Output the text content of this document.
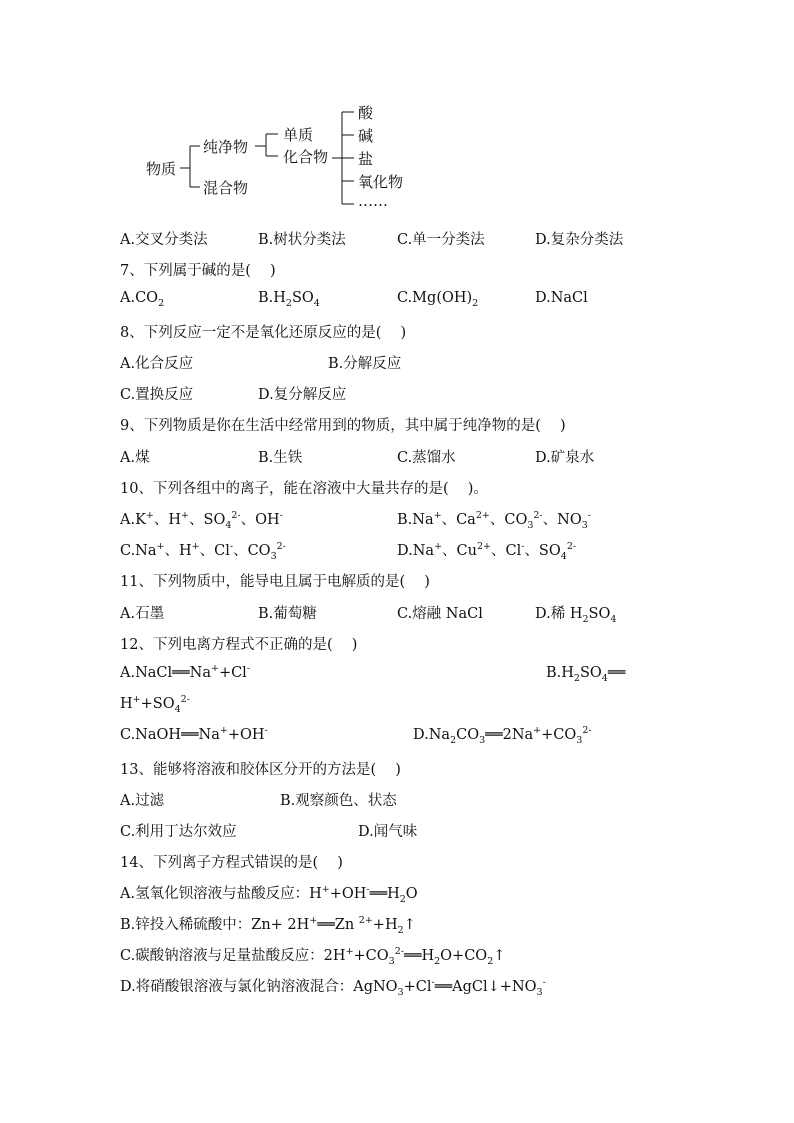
物质
纯净物
混合物
单质
化合物
酸
碱
盐
氧化物
……
A.交叉分类法	B.树状分类法	C.单一分类法	D.复杂分类法
7、下列属于碱的是(　 )
$A.CO_2$	$B.H_2SO_4$	$C.Mg(OH)_2$	D.NaCl
8、下列反应一定不是氧化还原反应的是(　 )
A.化合反应	B.分解反应
C.置换反应	D.复分解反应
9、下列物质是你在生活中经常用到的物质，其中属于纯净物的是(　 )
A.煤	B.生铁	C.蒸馏水	D.矿泉水
10、下列各组中的离子，能在溶液中大量共存的是(　 )。
A.K+、H+、$SO_4^{2-}$、OH-	B.Na+、$Ca^{2+}$、$CO_3^{2-}$、$NO_3^-$
C.Na+、H+、Cl-、$CO_3^{2-}$	D.Na+、$Cu^{2+}$、Cl-、$SO_4^{2-}$
11、下列物质中，能导电且属于电解质的是(　 )
A.石墨	B.葡萄糖	C.熔融 NaCl	D.稀 $H_2SO_4$
12、下列电离方程式不正确的是(　 )
A.NaCl══Na++Cl-	$B.H_2SO_4══$
$H^++SO_4^{2-}$
C.NaOH══Na++OH-	$D.Na_2CO_3══2Na^++CO_3^{2-}$
13、能够将溶液和胶体区分开的方法是(　 )
A.过滤	B.观察颜色、状态
C.利用丁达尔效应	D.闻气味
14、下列离子方程式错误的是(　 )
A.氢氧化钡溶液与盐酸反应：$H^++OH^-══H_2O$
B.锌投入稀硫酸中：Zn+ 2H+══Zn $^{2+}+H_2↑$
C.碳酸钠溶液与足量盐酸反应：$2H^++CO_3^{2-}══H_2O+CO_2↑$
D.将硝酸银溶液与氯化钠溶液混合：$AgNO_3+Cl^-══AgCl↓+NO_3^-$
